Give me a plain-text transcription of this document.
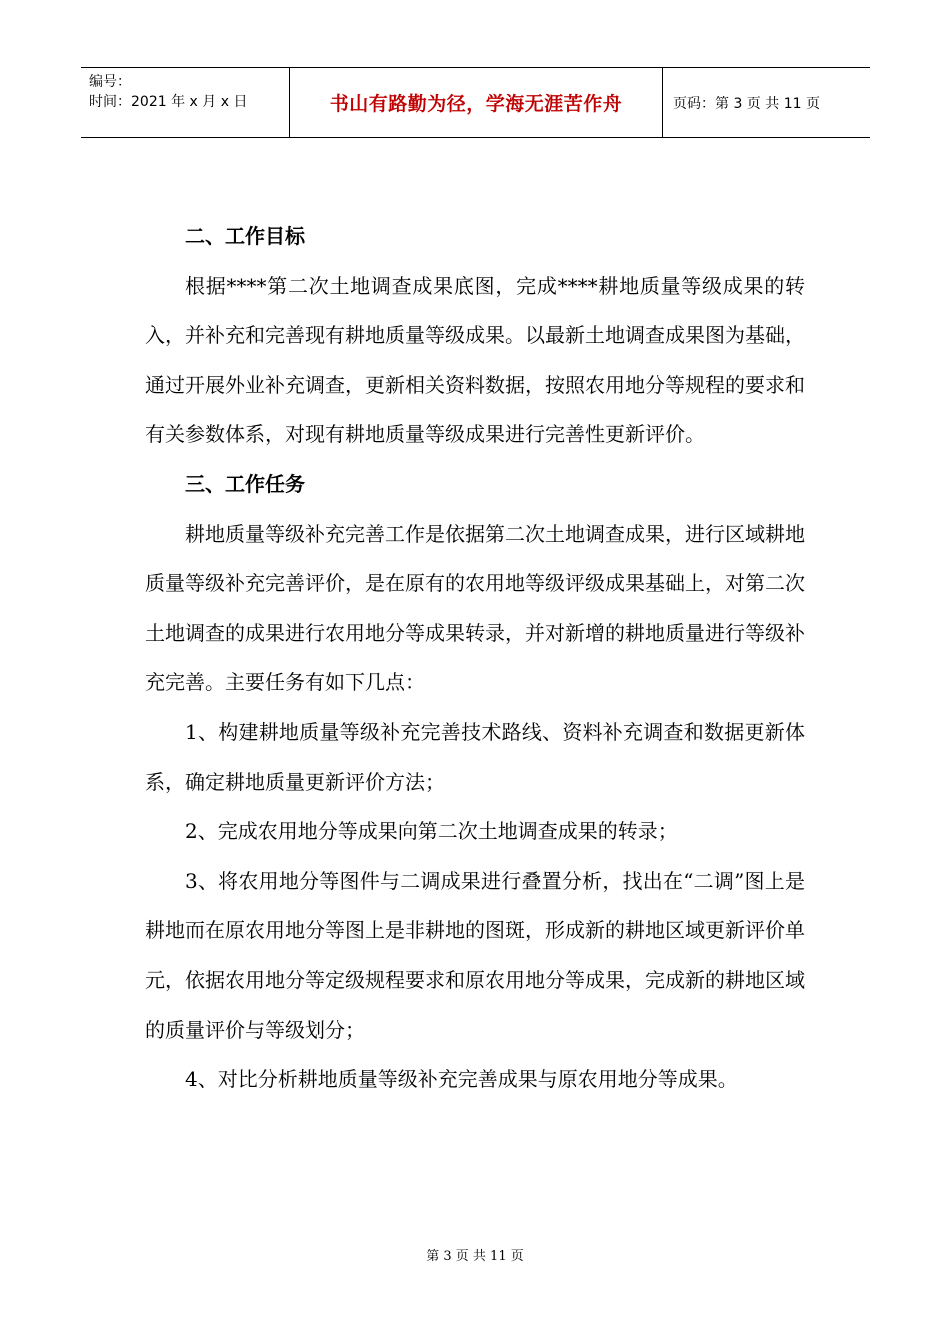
编号：
时间：2021 年 x 月 x 日	书山有路勤为径，学海无涯苦作舟	页码：第 3 页 共 11 页
二、工作目标

根据****第二次土地调查成果底图，完成****耕地质量等级成果的转入，并补充和完善现有耕地质量等级成果。以最新土地调查成果图为基础，通过开展外业补充调查，更新相关资料数据，按照农用地分等规程的要求和有关参数体系，对现有耕地质量等级成果进行完善性更新评价。

三、工作任务

耕地质量等级补充完善工作是依据第二次土地调查成果，进行区域耕地质量等级补充完善评价，是在原有的农用地等级评级成果基础上，对第二次土地调查的成果进行农用地分等成果转录，并对新增的耕地质量进行等级补充完善。主要任务有如下几点：

1、构建耕地质量等级补充完善技术路线、资料补充调查和数据更新体系，确定耕地质量更新评价方法；

2、完成农用地分等成果向第二次土地调查成果的转录；

3、将农用地分等图件与二调成果进行叠置分析，找出在“二调”图上是耕地而在原农用地分等图上是非耕地的图斑，形成新的耕地区域更新评价单元，依据农用地分等定级规程要求和原农用地分等成果，完成新的耕地区域的质量评价与等级划分；

4、对比分析耕地质量等级补充完善成果与原农用地分等成果。

第 3 页 共 11 页
